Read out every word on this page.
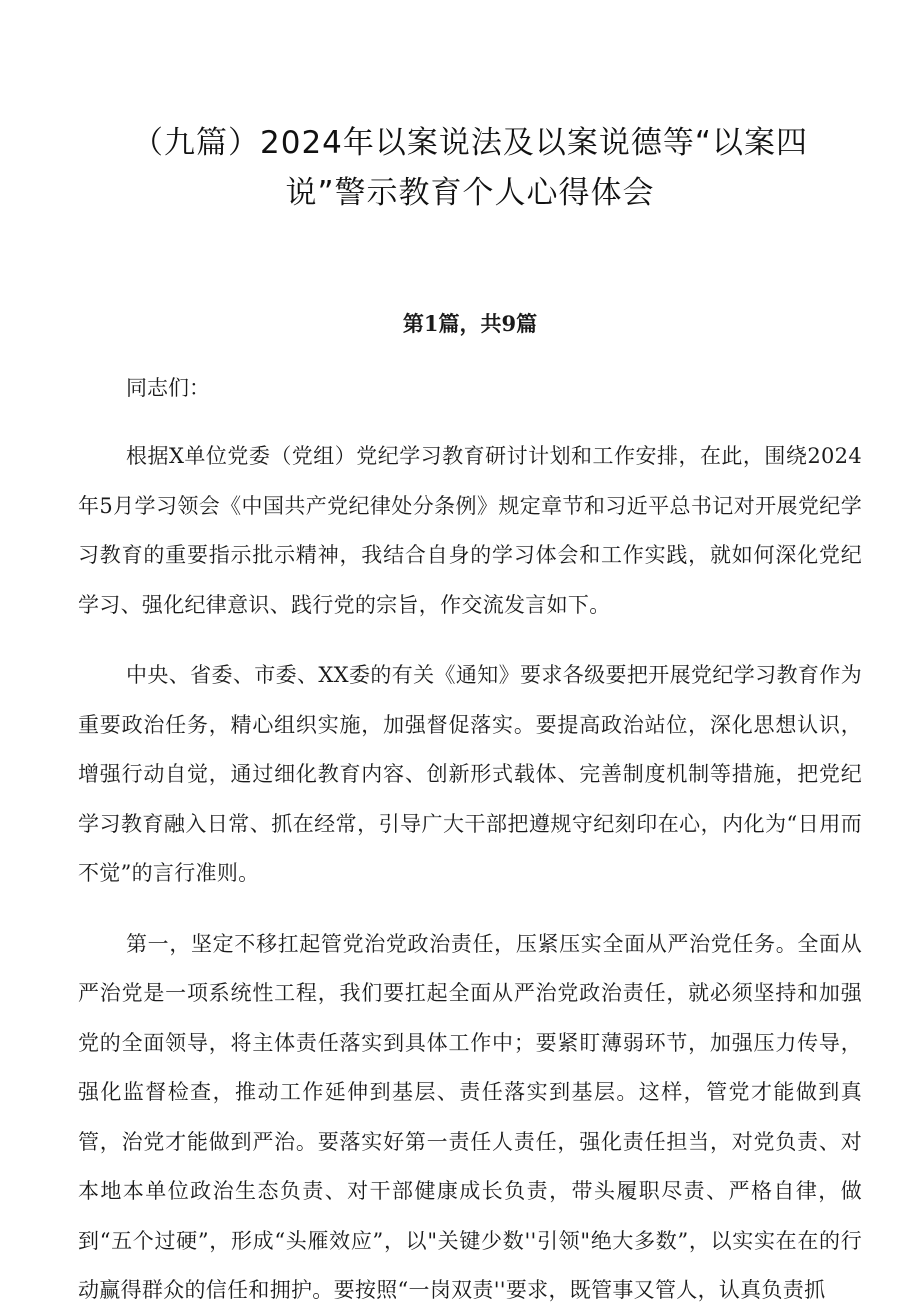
（九篇）2024年以案说法及以案说德等“以案四
说”警示教育个人心得体会

第1篇，共9篇

同志们：

根据X单位党委（党组）党纪学习教育研讨计划和工作安排，在此，围绕2024年5月学习领会《中国共产党纪律处分条例》规定章节和习近平总书记对开展党纪学习教育的重要指示批示精神，我结合自身的学习体会和工作实践，就如何深化党纪学习、强化纪律意识、践行党的宗旨，作交流发言如下。

中央、省委、市委、XX委的有关《通知》要求各级要把开展党纪学习教育作为重要政治任务，精心组织实施，加强督促落实。要提高政治站位，深化思想认识，增强行动自觉，通过细化教育内容、创新形式载体、完善制度机制等措施，把党纪学习教育融入日常、抓在经常，引导广大干部把遵规守纪刻印在心，内化为“日用而不觉”的言行准则。

第一，坚定不移扛起管党治党政治责任，压紧压实全面从严治党任务。全面从严治党是一项系统性工程，我们要扛起全面从严治党政治责任，就必须坚持和加强党的全面领导，将主体责任落实到具体工作中；要紧盯薄弱环节，加强压力传导，强化监督检查，推动工作延伸到基层、责任落实到基层。这样，管党才能做到真管，治党才能做到严治。要落实好第一责任人责任，强化责任担当，对党负责、对本地本单位政治生态负责、对干部健康成长负责，带头履职尽责、严格自律，做到“五个过硬”，形成“头雁效应”，以"关键少数''引领"绝大多数”，以实实在在的行动赢得群众的信任和拥护。要按照“一岗双责''要求，既管事又管人，认真负责抓
